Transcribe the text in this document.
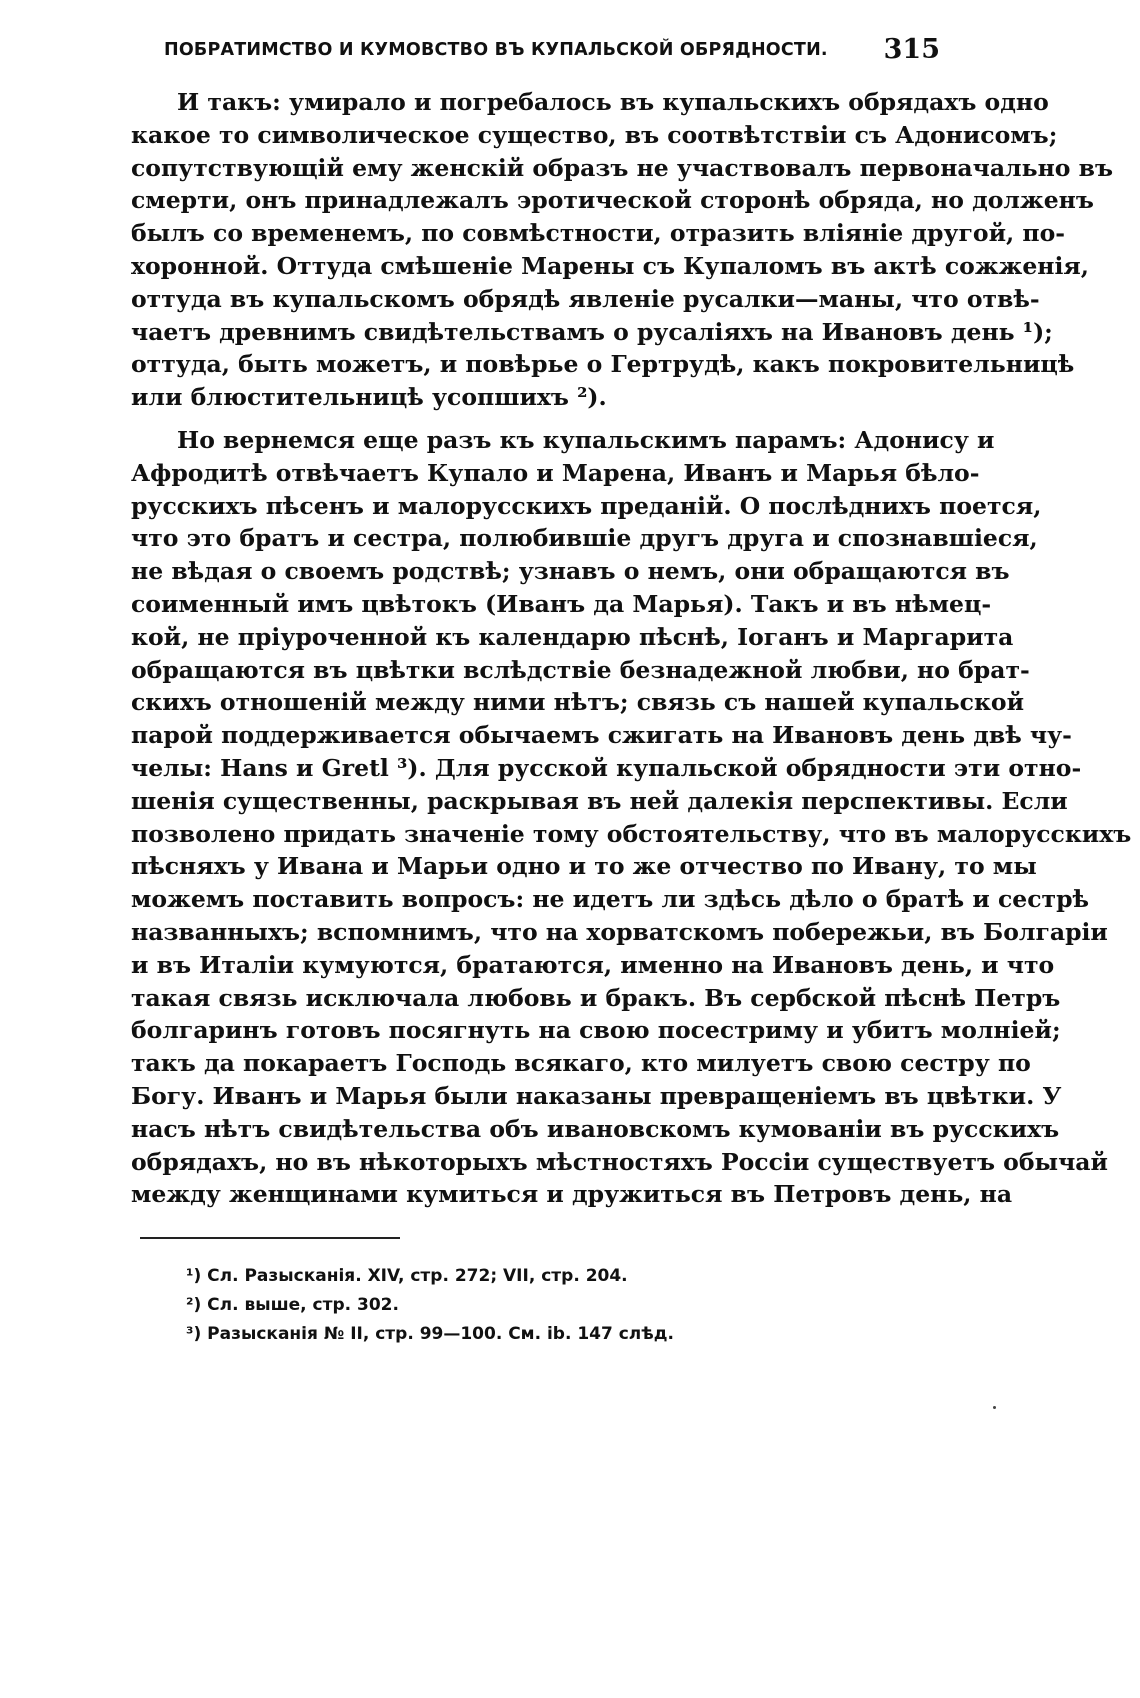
ПОБРАТИМСТВО И КУМОВСТВО ВЪ КУПАЛЬСКОЙ ОБРЯДНОСТИ. 315
И такъ: умирало и погребалось въ купальскихъ обрядахъ одно
какое то символическое существо, въ соотвѣтствіи съ Адонисомъ;
сопутствующій ему женскій образъ не участвовалъ первоначально въ
смерти, онъ принадлежалъ эротической сторонѣ обряда, но долженъ
былъ со временемъ, по совмѣстности, отразить вліяніе другой, по-
хоронной. Оттуда смѣшеніе Марены съ Купаломъ въ актѣ сожженія,
оттуда въ купальскомъ обрядѣ явленіе русалки—маны, что отвѣ-
чаетъ древнимъ свидѣтельствамъ о русаліяхъ на Ивановъ день ¹);
оттуда, быть можетъ, и повѣрье о Гертрудѣ, какъ покровительницѣ
или блюстительницѣ усопшихъ ²).
Но вернемся еще разъ къ купальскимъ парамъ: Адонису и
Афродитѣ отвѣчаетъ Купало и Марена, Иванъ и Марья бѣло-
русскихъ пѣсенъ и малорусскихъ преданій. О послѣднихъ поется,
что это братъ и сестра, полюбившіе другъ друга и спознавшіеся,
не вѣдая о своемъ родствѣ; узнавъ о немъ, они обращаются въ
соименный имъ цвѣтокъ (Иванъ да Марья). Такъ и въ нѣмец-
кой, не пріуроченной къ календарю пѣснѣ, Іоганъ и Маргарита
обращаются въ цвѣтки вслѣдствіе безнадежной любви, но брат-
скихъ отношеній между ними нѣтъ; связь съ нашей купальской
парой поддерживается обычаемъ сжигать на Ивановъ день двѣ чу-
челы: Hans и Gretl ³). Для русской купальской обрядности эти отно-
шенія существенны, раскрывая въ ней далекія перспективы. Если
позволено придать значеніе тому обстоятельству, что въ малорусскихъ
пѣсняхъ у Ивана и Марьи одно и то же отчество по Ивану, то мы
можемъ поставить вопросъ: не идетъ ли здѣсь дѣло о братѣ и сестрѣ
названныхъ; вспомнимъ, что на хорватскомъ побережьи, въ Болгаріи
и въ Италіи кумуются, братаются, именно на Ивановъ день, и что
такая связь исключала любовь и бракъ. Въ сербской пѣснѣ Петръ
болгаринъ готовъ посягнуть на свою посестриму и убитъ молніей;
такъ да покараетъ Господь всякаго, кто милуетъ свою сестру по
Богу. Иванъ и Марья были наказаны превращеніемъ въ цвѣтки. У
насъ нѣтъ свидѣтельства объ ивановскомъ кумованіи въ русскихъ
обрядахъ, но въ нѣкоторыхъ мѣстностяхъ Россіи существуетъ обычай
между женщинами кумиться и дружиться въ Петровъ день, на
¹) Сл. Разысканія. XIV, стр. 272; VII, стр. 204.
²) Сл. выше, стр. 302.
³) Разысканія № II, стр. 99—100. См. ib. 147 слѣд.
